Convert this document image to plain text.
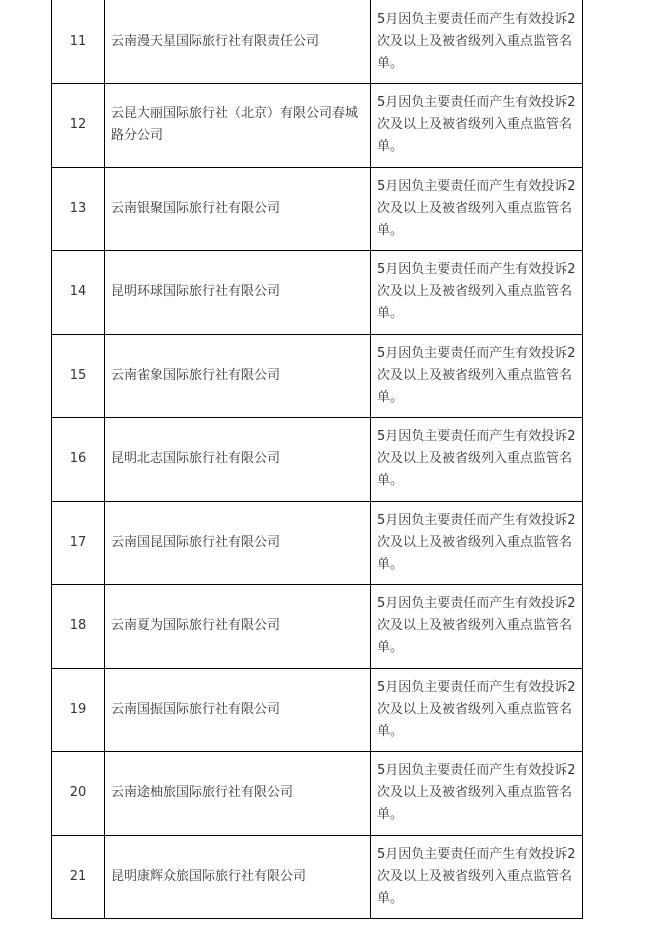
11	云南漫天星国际旅行社有限责任公司	5月因负主要责任而产生有效投诉2次及以上及被省级列入重点监管名单。
12	云昆大丽国际旅行社（北京）有限公司春城路分公司	5月因负主要责任而产生有效投诉2次及以上及被省级列入重点监管名单。
13	云南银聚国际旅行社有限公司	5月因负主要责任而产生有效投诉2次及以上及被省级列入重点监管名单。
14	昆明环球国际旅行社有限公司	5月因负主要责任而产生有效投诉2次及以上及被省级列入重点监管名单。
15	云南雀象国际旅行社有限公司	5月因负主要责任而产生有效投诉2次及以上及被省级列入重点监管名单。
16	昆明北志国际旅行社有限公司	5月因负主要责任而产生有效投诉2次及以上及被省级列入重点监管名单。
17	云南国昆国际旅行社有限公司	5月因负主要责任而产生有效投诉2次及以上及被省级列入重点监管名单。
18	云南夏为国际旅行社有限公司	5月因负主要责任而产生有效投诉2次及以上及被省级列入重点监管名单。
19	云南国振国际旅行社有限公司	5月因负主要责任而产生有效投诉2次及以上及被省级列入重点监管名单。
20	云南途柚旅国际旅行社有限公司	5月因负主要责任而产生有效投诉2次及以上及被省级列入重点监管名单。
21	昆明康辉众旅国际旅行社有限公司	5月因负主要责任而产生有效投诉2次及以上及被省级列入重点监管名单。
